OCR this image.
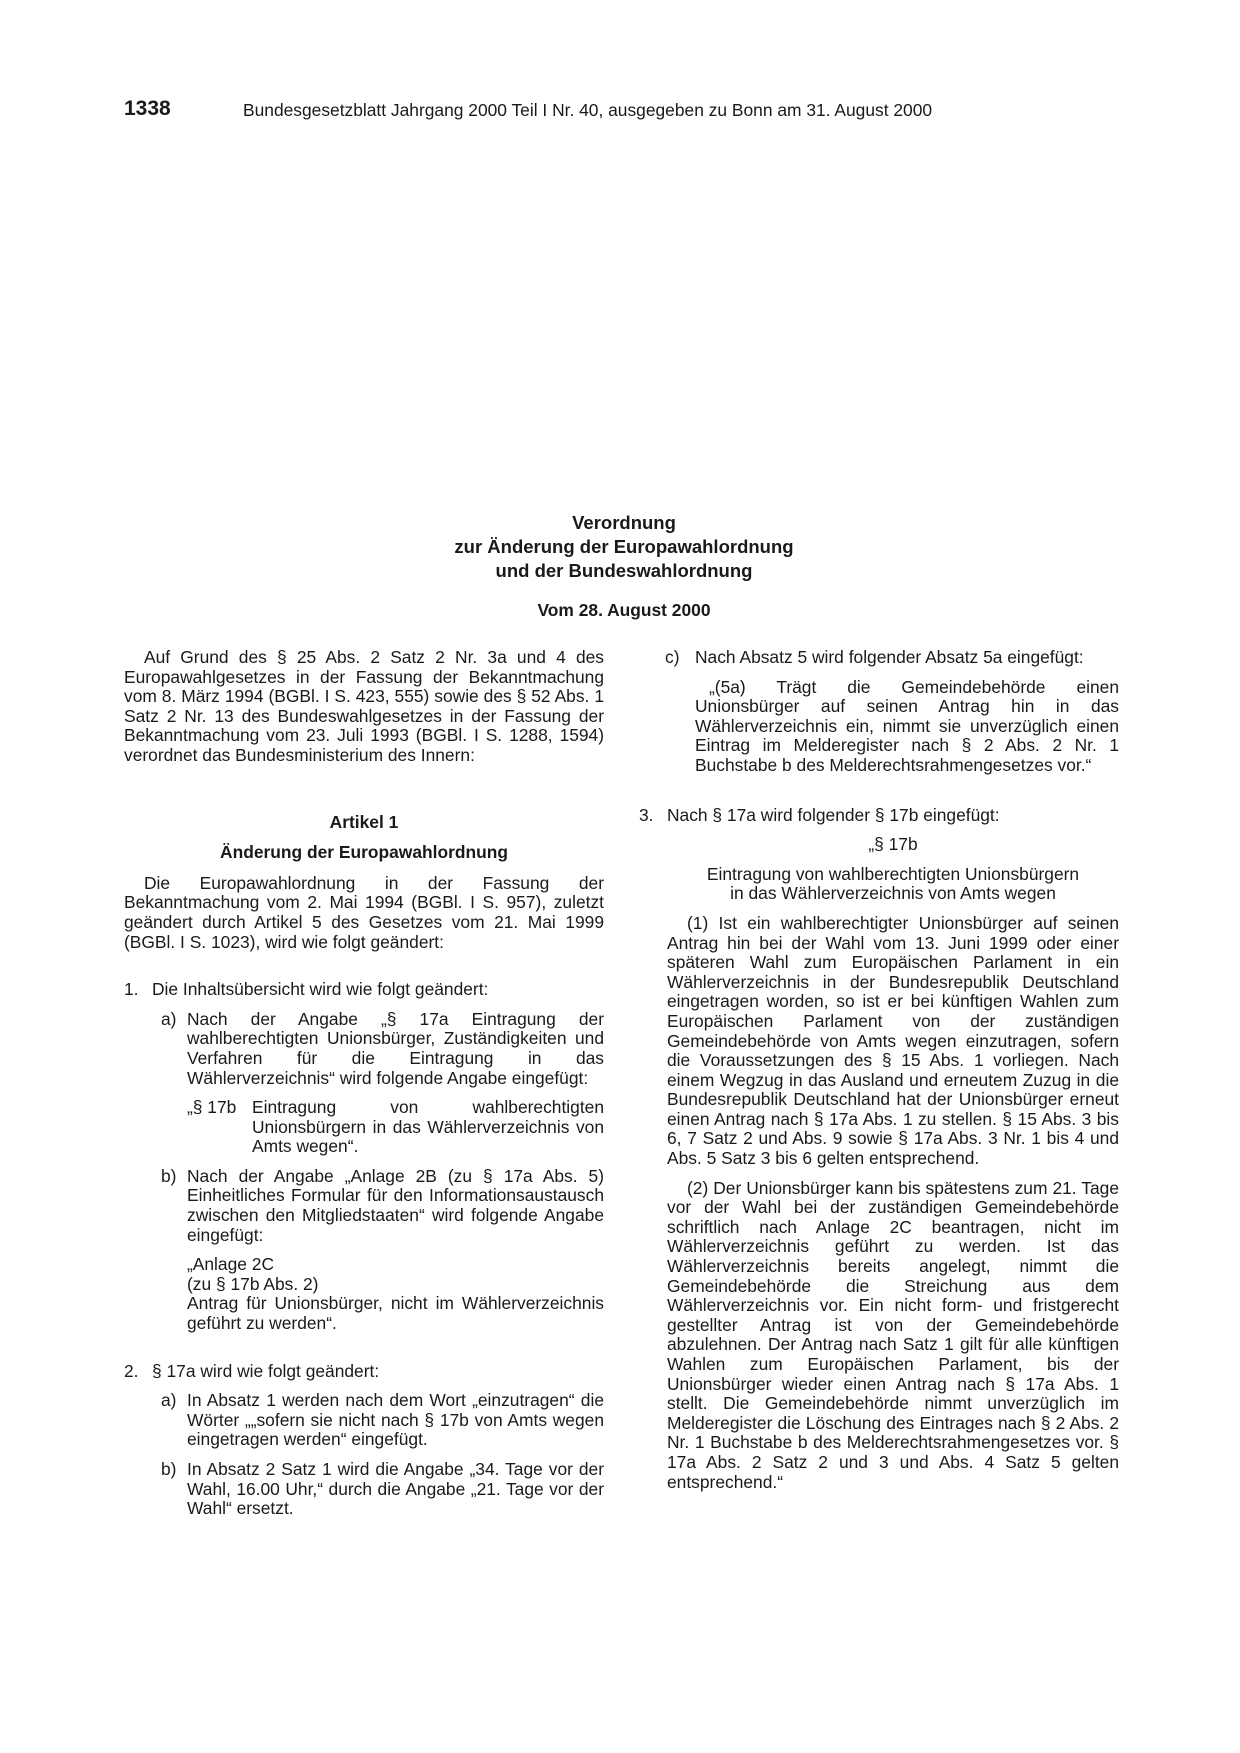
1338	Bundesgesetzblatt Jahrgang 2000 Teil I Nr. 40, ausgegeben zu Bonn am 31. August 2000
Verordnung
zur Änderung der Europawahlordnung
und der Bundeswahlordnung
Vom 28. August 2000

Auf Grund des § 25 Abs. 2 Satz 2 Nr. 3a und 4 des Europawahlgesetzes in der Fassung der Bekanntmachung vom 8. März 1994 (BGBl. I S. 423, 555) sowie des § 52 Abs. 1 Satz 2 Nr. 13 des Bundeswahlgesetzes in der Fassung der Bekanntmachung vom 23. Juli 1993 (BGBl. I S. 1288, 1594) verordnet das Bundesministerium des Innern:

Artikel 1

Änderung der Europawahlordnung

Die Europawahlordnung in der Fassung der Bekanntmachung vom 2. Mai 1994 (BGBl. I S. 957), zuletzt geändert durch Artikel 5 des Gesetzes vom 21. Mai 1999 (BGBl. I S. 1023), wird wie folgt geändert:

1. Die Inhaltsübersicht wird wie folgt geändert:
a) Nach der Angabe „§ 17a Eintragung der wahlberechtigten Unionsbürger, Zuständigkeiten und Verfahren für die Eintragung in das Wählerverzeichnis“ wird folgende Angabe eingefügt:
„§ 17b Eintragung von wahlberechtigten Unionsbürgern in das Wählerverzeichnis von Amts wegen“.
b) Nach der Angabe „Anlage 2B (zu § 17a Abs. 5) Einheitliches Formular für den Informationsaustausch zwischen den Mitgliedstaaten“ wird folgende Angabe eingefügt:
„Anlage 2C
(zu § 17b Abs. 2)
Antrag für Unionsbürger, nicht im Wählerverzeichnis geführt zu werden“.
2. § 17a wird wie folgt geändert:
a) In Absatz 1 werden nach dem Wort „einzutragen“ die Wörter „„sofern sie nicht nach § 17b von Amts wegen eingetragen werden“ eingefügt.
b) In Absatz 2 Satz 1 wird die Angabe „34. Tage vor der Wahl, 16.00 Uhr,“ durch die Angabe „21. Tage vor der Wahl“ ersetzt.
c) Nach Absatz 5 wird folgender Absatz 5a eingefügt:

„(5a) Trägt die Gemeindebehörde einen Unionsbürger auf seinen Antrag hin in das Wählerverzeichnis ein, nimmt sie unverzüglich einen Eintrag im Melderegister nach § 2 Abs. 2 Nr. 1 Buchstabe b des Melderechtsrahmengesetzes vor.“

3. Nach § 17a wird folgender § 17b eingefügt:

„§ 17b

Eintragung von wahlberechtigten Unionsbürgern

in das Wählerverzeichnis von Amts wegen

(1) Ist ein wahlberechtigter Unionsbürger auf seinen Antrag hin bei der Wahl vom 13. Juni 1999 oder einer späteren Wahl zum Europäischen Parlament in ein Wählerverzeichnis in der Bundesrepublik Deutschland eingetragen worden, so ist er bei künftigen Wahlen zum Europäischen Parlament von der zuständigen Gemeindebehörde von Amts wegen einzutragen, sofern die Voraussetzungen des § 15 Abs. 1 vorliegen. Nach einem Wegzug in das Ausland und erneutem Zuzug in die Bundesrepublik Deutschland hat der Unionsbürger erneut einen Antrag nach § 17a Abs. 1 zu stellen. § 15 Abs. 3 bis 6, 7 Satz 2 und Abs. 9 sowie § 17a Abs. 3 Nr. 1 bis 4 und Abs. 5 Satz 3 bis 6 gelten entsprechend.

(2) Der Unionsbürger kann bis spätestens zum 21. Tage vor der Wahl bei der zuständigen Gemeindebehörde schriftlich nach Anlage 2C beantragen, nicht im Wählerverzeichnis geführt zu werden. Ist das Wählerverzeichnis bereits angelegt, nimmt die Gemeindebehörde die Streichung aus dem Wählerverzeichnis vor. Ein nicht form- und fristgerecht gestellter Antrag ist von der Gemeindebehörde abzulehnen. Der Antrag nach Satz 1 gilt für alle künftigen Wahlen zum Europäischen Parlament, bis der Unionsbürger wieder einen Antrag nach § 17a Abs. 1 stellt. Die Gemeindebehörde nimmt unverzüglich im Melderegister die Löschung des Eintrages nach § 2 Abs. 2 Nr. 1 Buchstabe b des Melderechtsrahmengesetzes vor. § 17a Abs. 2 Satz 2 und 3 und Abs. 4 Satz 5 gelten entsprechend.“
